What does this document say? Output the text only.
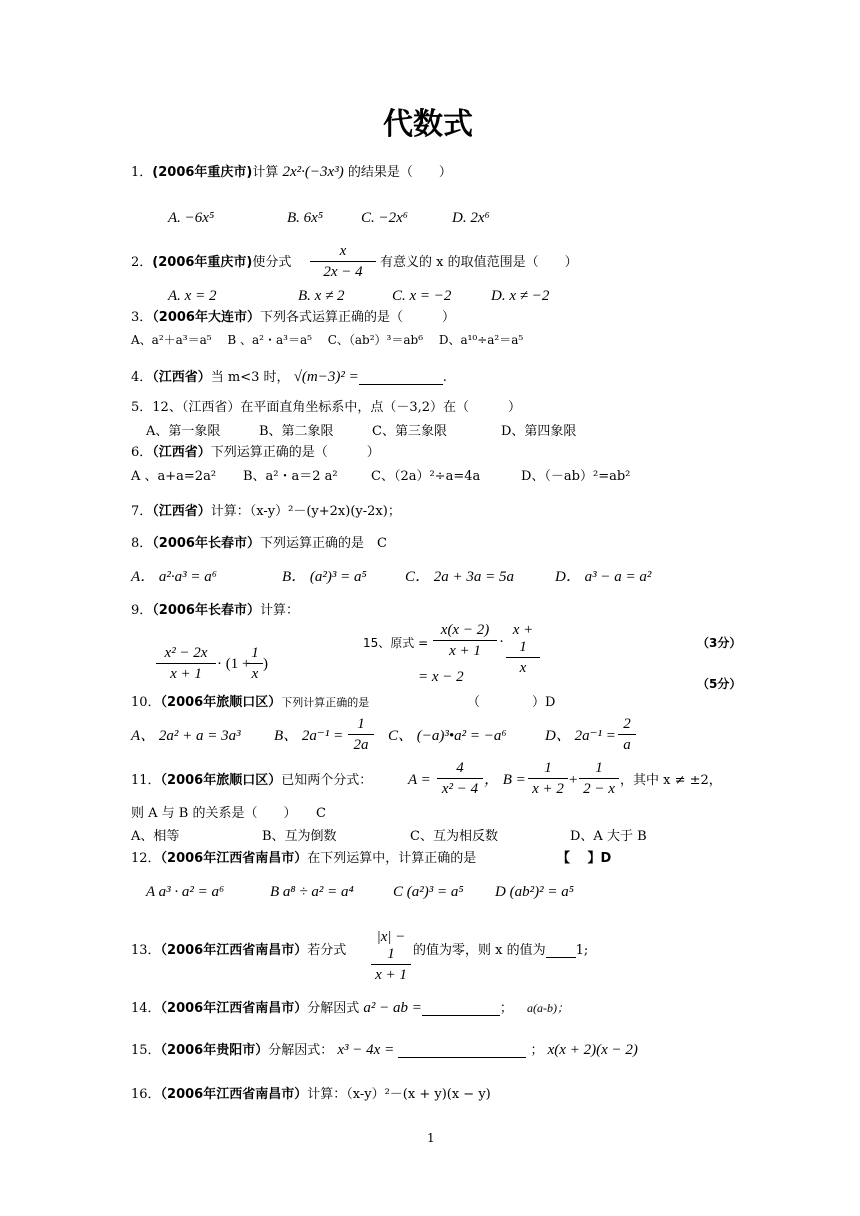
代数式
1．(2006年重庆市)计算 2x²·(−3x³) 的结果是（　　）
A. −6x⁵	B. 6x⁵	C. −2x⁶	D. 2x⁶
2．(2006年重庆市)使分式 $\frac{x}{2x - 4}$ 有意义的 x 的取值范围是（　　）
A. x = 2	B. x ≠ 2	C. x = −2	D. x ≠ −2
3．（2006年大连市）下列各式运算正确的是（　　　）
A、a²＋a³＝a⁵　 B 、a²・a³＝a⁵　 C、（ab²）³＝ab⁶　 D、a¹⁰÷a²＝a⁵
4．（江西省）当 m<3 时， √(m−3)² =	.
5．12、（江西省）在平面直角坐标系中，点（－3,2）在（　　　）
A、第一象限	B、第二象限	C、第三象限	D、第四象限
6．（江西省）下列运算正确的是（　　　）
A 、a+a=2a² B、a²・a＝2 a²	C、（2a）²÷a=4a	D、（－ab）²=ab²
7．（江西省）计算：（x-y）²－(y+2x)(y-2x)；
8．（2006年长春市）下列运算正确的是　C
A． a²·a³ = a⁶	B． (a²)³ = a⁵	C． 2a + 3a = 5a	D． a³ − a = a²
9．（2006年长春市）计算：
$\frac{\text{x² − 2x}}{x + 1} \cdot (1$ +
$\frac{1}{x}$ )
15、原式 = $\frac{x(x - 2)}{x + 1} \cdot \frac{x + 1}{x}$
= x − 2
（3分）
（5分）
10．（2006年旅顺口区）下列计算正确的是	（　　　　）D
A、 2a² + a = 3a³ B、 $2a^{-1} = \frac{1}{2a}$ C、 (−a)³•a² = −a⁶	D、 $2a^{-1} = \frac{2}{a}$
11．（2006年旅顺口区）已知两个分式： $A = \frac{4}{\text{x² − 4}}$ ， $B = \frac{1}{x + 2} + \frac{1}{2 - x}$ ，其中 x ≠ ±2，
则 A 与 B 的关系是（　　）　　C
A、相等	B、互为倒数	C、互为相反数	D、A 大于 B
12．（2006年江西省南昌市）在下列运算中，计算正确的是	【　 】D
A a³ · a² = a⁶	B a⁸ ÷ a² = a⁴	C (a²)³ = a⁵ D (ab²)² = a⁵
13．（2006年江西省南昌市）若分式 $\frac{|x| - 1}{x + 1}$ 的值为零，则 x 的值为 1;
14．（2006年江西省南昌市）分解因式 a² − ab =	； a(a-b)；
15．（2006年贵阳市）分解因式： x³ − 4x =	； x(x + 2)(x − 2)
16．（2006年江西省南昌市）计算：（x-y）²－(x + y)(x − y)
1
